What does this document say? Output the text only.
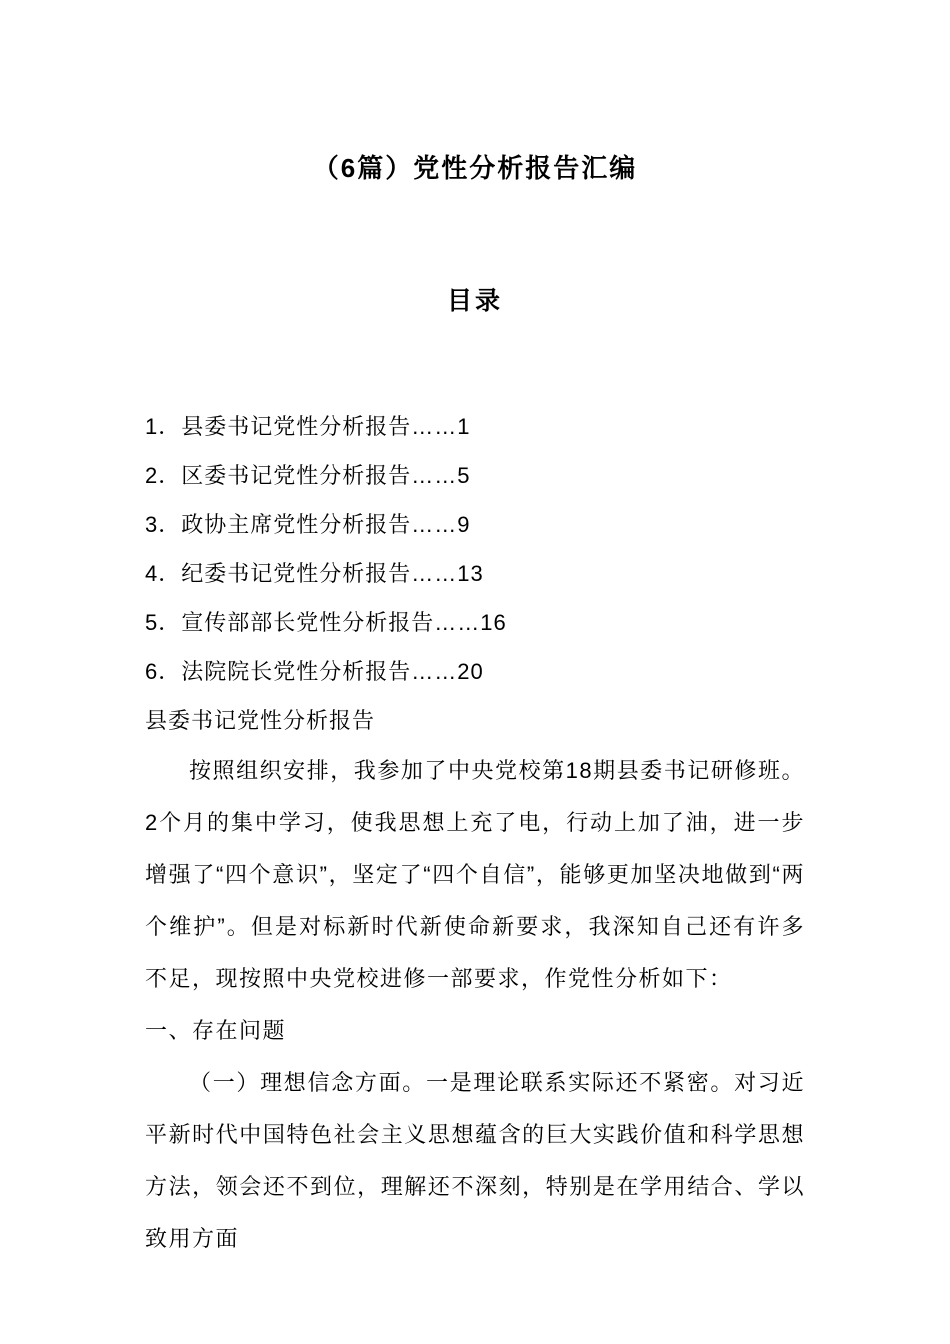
（6篇）党性分析报告汇编
目录
1．县委书记党性分析报告……1
2．区委书记党性分析报告……5
3．政协主席党性分析报告……9
4．纪委书记党性分析报告……13
5．宣传部部长党性分析报告……16
6．法院院长党性分析报告……20
县委书记党性分析报告

按照组织安排，我参加了中央党校第18期县委书记研修班。2个月的集中学习，使我思想上充了电，行动上加了油，进一步增强了“四个意识”，坚定了“四个自信”，能够更加坚决地做到“两个维护”。但是对标新时代新使命新要求，我深知自己还有许多不足，现按照中央党校进修一部要求，作党性分析如下：

一、存在问题

（一）理想信念方面。一是理论联系实际还不紧密。对习近平新时代中国特色社会主义思想蕴含的巨大实践价值和科学思想方法，领会还不到位，理解还不深刻，特别是在学用结合、学以致用方面
